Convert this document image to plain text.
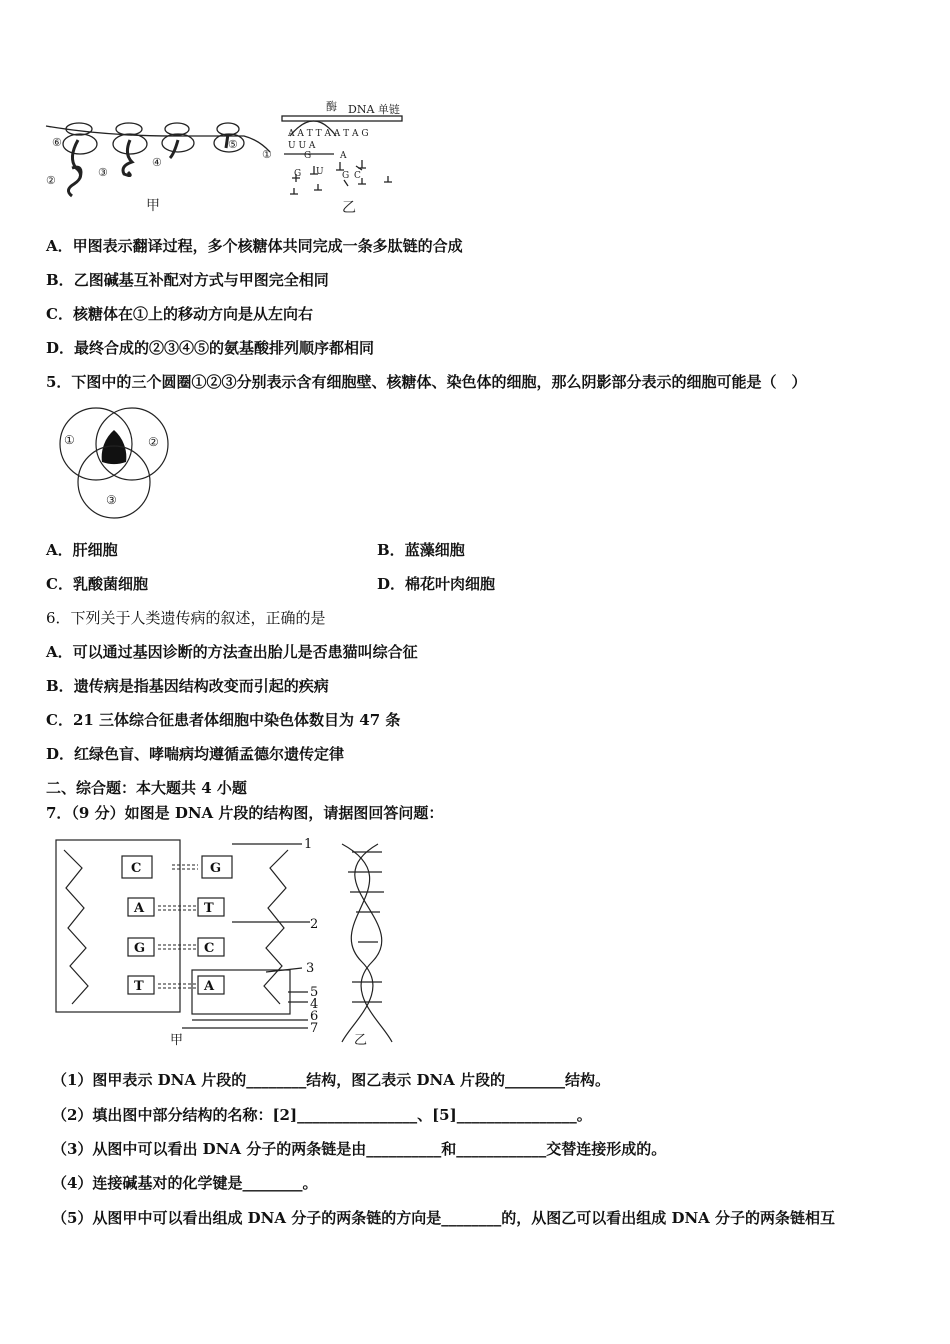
⑥
②
③
④
⑤
①
酶 DNA 单链
A A T T A A T A G
U U A
G	A
G U G C
甲	乙
A．甲图表示翻译过程，多个核糖体共同完成一条多肽链的合成
B．乙图碱基互补配对方式与甲图完全相同
C．核糖体在①上的移动方向是从左向右
D．最终合成的②③④⑤的氨基酸排列顺序都相同
5．下图中的三个圆圈①②③分别表示含有细胞壁、核糖体、染色体的细胞，那么阴影部分表示的细胞可能是（　）
①	②
③
A．肝细胞	B．蓝藻细胞
C．乳酸菌细胞	D．棉花叶肉细胞
6．下列关于人类遗传病的叙述，正确的是
A．可以通过基因诊断的方法查出胎儿是否患猫叫综合征
B．遗传病是指基因结构改变而引起的疾病
C．21 三体综合征患者体细胞中染色体数目为 47 条
D．红绿色盲、哮喘病均遵循孟德尔遗传定律
二、综合题：本大题共 4 小题
7．（9 分）如图是 DNA 片段的结构图，请据图回答问题：
C
A
G
T
G
T
C
A
1
2
3
5
4
6
7
甲	乙
（1）图甲表示 DNA 片段的________结构，图乙表示 DNA 片段的________结构。
（2）填出图中部分结构的名称：[2]________________、[5]________________。
（3）从图中可以看出 DNA 分子的两条链是由__________和____________交替连接形成的。
（4）连接碱基对的化学键是________。
（5）从图甲中可以看出组成 DNA 分子的两条链的方向是________的，从图乙可以看出组成 DNA 分子的两条链相互
